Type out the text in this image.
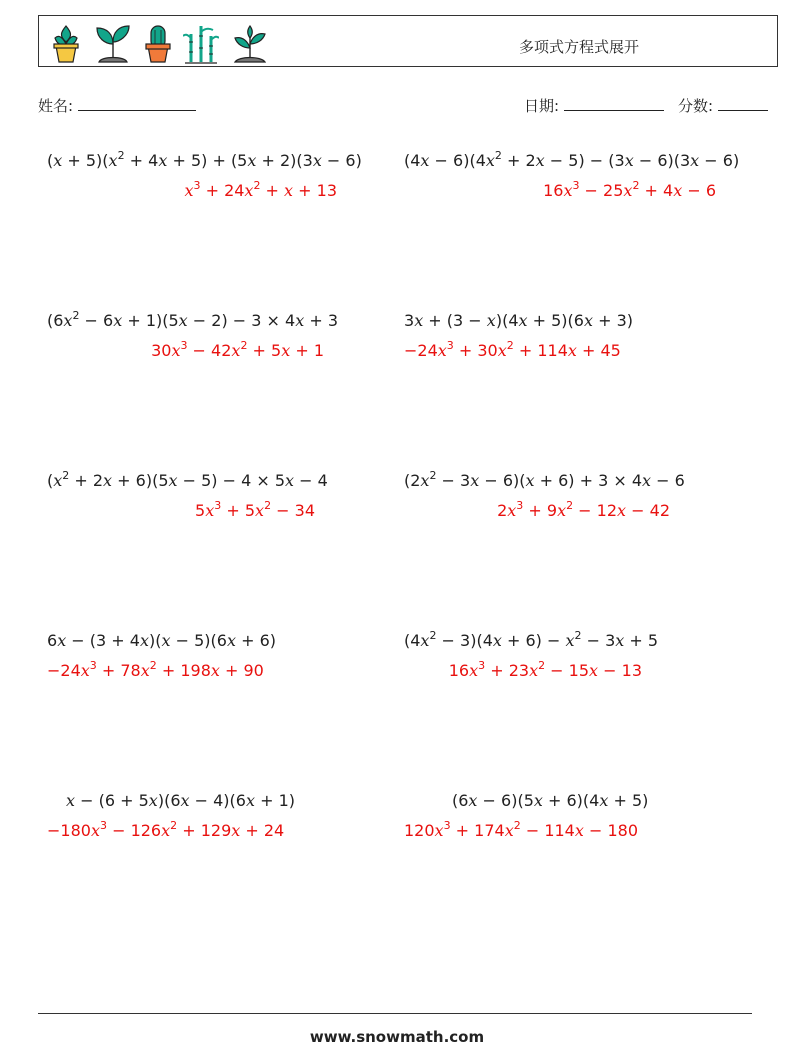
多项式方程式展开
姓名:	日期:	分数:
$(x + 5)(x^2 + 4x + 5) + (5x + 2)(3x - 6)$
$x^3 + 24x^2 + x + 13$
$(4x - 6)(4x^2 + 2x - 5) - (3x - 6)(3x - 6)$
$16x^3 - 25x^2 + 4x - 6$
$(6x^2 - 6x + 1)(5x - 2) - 3 \times 4x + 3$
$30x^3 - 42x^2 + 5x + 1$
3x + (3 − x)(4x + 5)(6x + 3)
$-24x^3 + 30x^2 + 114x + 45$
$(x^2 + 2x + 6)(5x - 5) - 4 \times 5x - 4$
$5x^3 + 5x^2 - 34$
$(2x^2 - 3x - 6)(x + 6) + 3 \times 4x - 6$
$2x^3 + 9x^2 - 12x - 42$
6x − (3 + 4x)(x − 5)(6x + 6)
$-24x^3 + 78x^2 + 198x + 90$
$(4x^2 - 3)(4x + 6) - x^2 - 3x + 5$
$16x^3 + 23x^2 - 15x - 13$
x − (6 + 5x)(6x − 4)(6x + 1)
$-180x^3 - 126x^2 + 129x + 24$
(6x − 6)(5x + 6)(4x + 5)
$120x^3 + 174x^2 - 114x - 180$
www.snowmath.com
